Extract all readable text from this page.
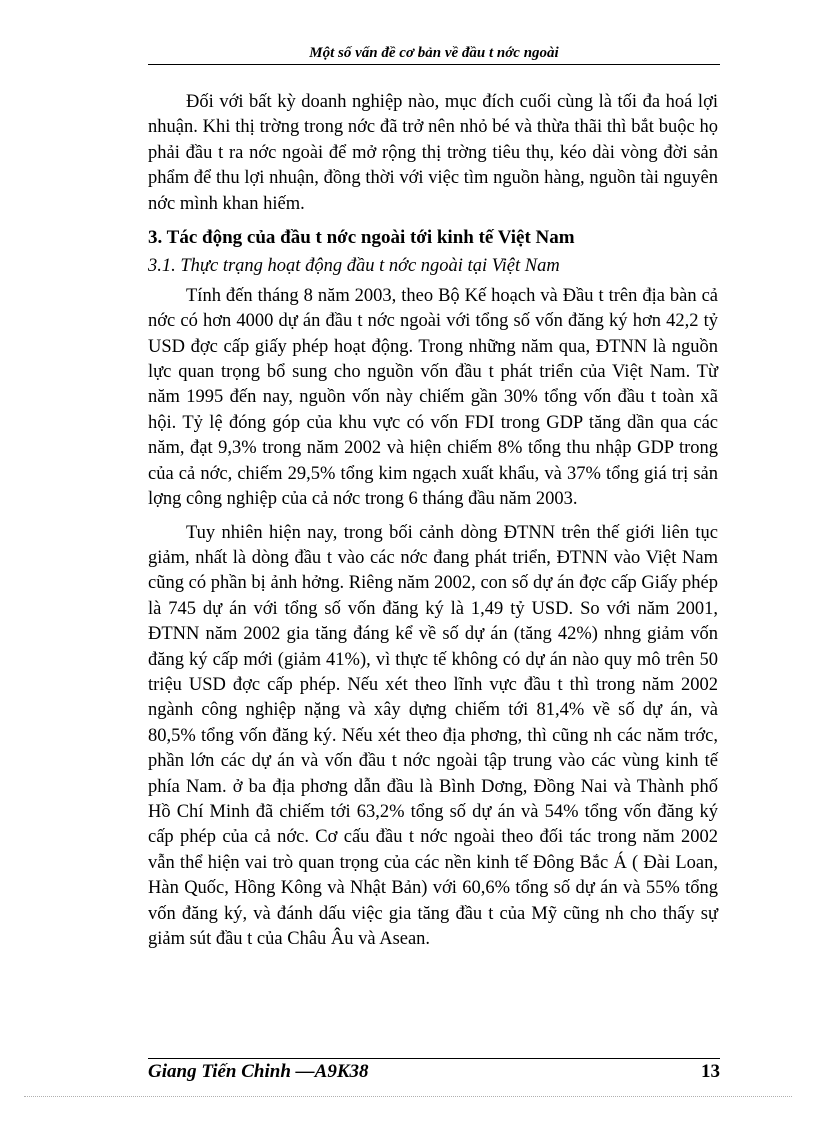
Một số vấn đề cơ bản về đầu t nớc ngoài

Đối với bất kỳ doanh nghiệp nào, mục đích cuối cùng là tối đa hoá lợi nhuận. Khi thị trờng trong nớc đã trở nên nhỏ bé và thừa thãi thì bắt buộc họ phải đầu t ra nớc ngoài để mở rộng thị trờng tiêu thụ, kéo dài vòng đời sản phẩm để thu lợi nhuận, đồng thời với việc tìm nguồn hàng, nguồn tài nguyên nớc mình khan hiếm.

3. Tác động của đầu t nớc ngoài tới kinh tế Việt Nam
3.1. Thực trạng hoạt động đầu t nớc ngoài tại Việt Nam

Tính đến tháng 8 năm 2003, theo Bộ Kế hoạch và Đầu t trên địa bàn cả nớc có hơn 4000 dự án đầu t nớc ngoài với tổng số vốn đăng ký hơn 42,2 tỷ USD đợc cấp giấy phép hoạt động. Trong những năm qua, ĐTNN là nguồn lực quan trọng bổ sung cho nguồn vốn đầu t phát triển của Việt Nam. Từ năm 1995 đến nay, nguồn vốn này chiếm gần 30% tổng vốn đầu t toàn xã hội. Tỷ lệ đóng góp của khu vực có vốn FDI trong GDP tăng dần qua các năm, đạt 9,3% trong năm 2002 và hiện chiếm 8% tổng thu nhập GDP trong của cả nớc, chiếm 29,5% tổng kim ngạch xuất khẩu, và 37% tổng giá trị sản lợng công nghiệp của cả nớc trong 6 tháng đầu năm 2003.

Tuy nhiên hiện nay, trong bối cảnh dòng ĐTNN trên thế giới liên tục giảm, nhất là dòng đầu t vào các nớc đang phát triển, ĐTNN vào Việt Nam cũng có phần bị ảnh hởng. Riêng năm 2002, con số dự án đợc cấp Giấy phép là 745 dự án với tổng số vốn đăng ký là 1,49 tỷ USD. So với năm 2001, ĐTNN năm 2002 gia tăng đáng kể về số dự án (tăng 42%) nhng giảm vốn đăng ký cấp mới (giảm 41%), vì thực tế không có dự án nào quy mô trên 50 triệu USD đợc cấp phép. Nếu xét theo lĩnh vực đầu t thì trong năm 2002 ngành công nghiệp nặng và xây dựng chiếm tới 81,4% về số dự án, và 80,5% tổng vốn đăng ký. Nếu xét theo địa phơng, thì cũng nh các năm trớc, phần lớn các dự án và vốn đầu t nớc ngoài tập trung vào các vùng kinh tế phía Nam. ở ba địa phơng dẫn đầu là Bình Dơng, Đồng Nai và Thành phố Hồ Chí Minh đã chiếm tới 63,2% tổng số dự án và 54% tổng vốn đăng ký cấp phép của cả nớc. Cơ cấu đầu t nớc ngoài theo đối tác trong năm 2002 vẫn thể hiện vai trò quan trọng của các nền kinh tế Đông Bắc Á ( Đài Loan, Hàn Quốc, Hồng Kông và Nhật Bản) với 60,6% tổng số dự án và 55% tổng vốn đăng ký, và đánh dấu việc gia tăng đầu t của Mỹ cũng nh cho thấy sự giảm sút đầu t của Châu Âu và Asean.

Giang Tiến Chinh —A9K38	13
